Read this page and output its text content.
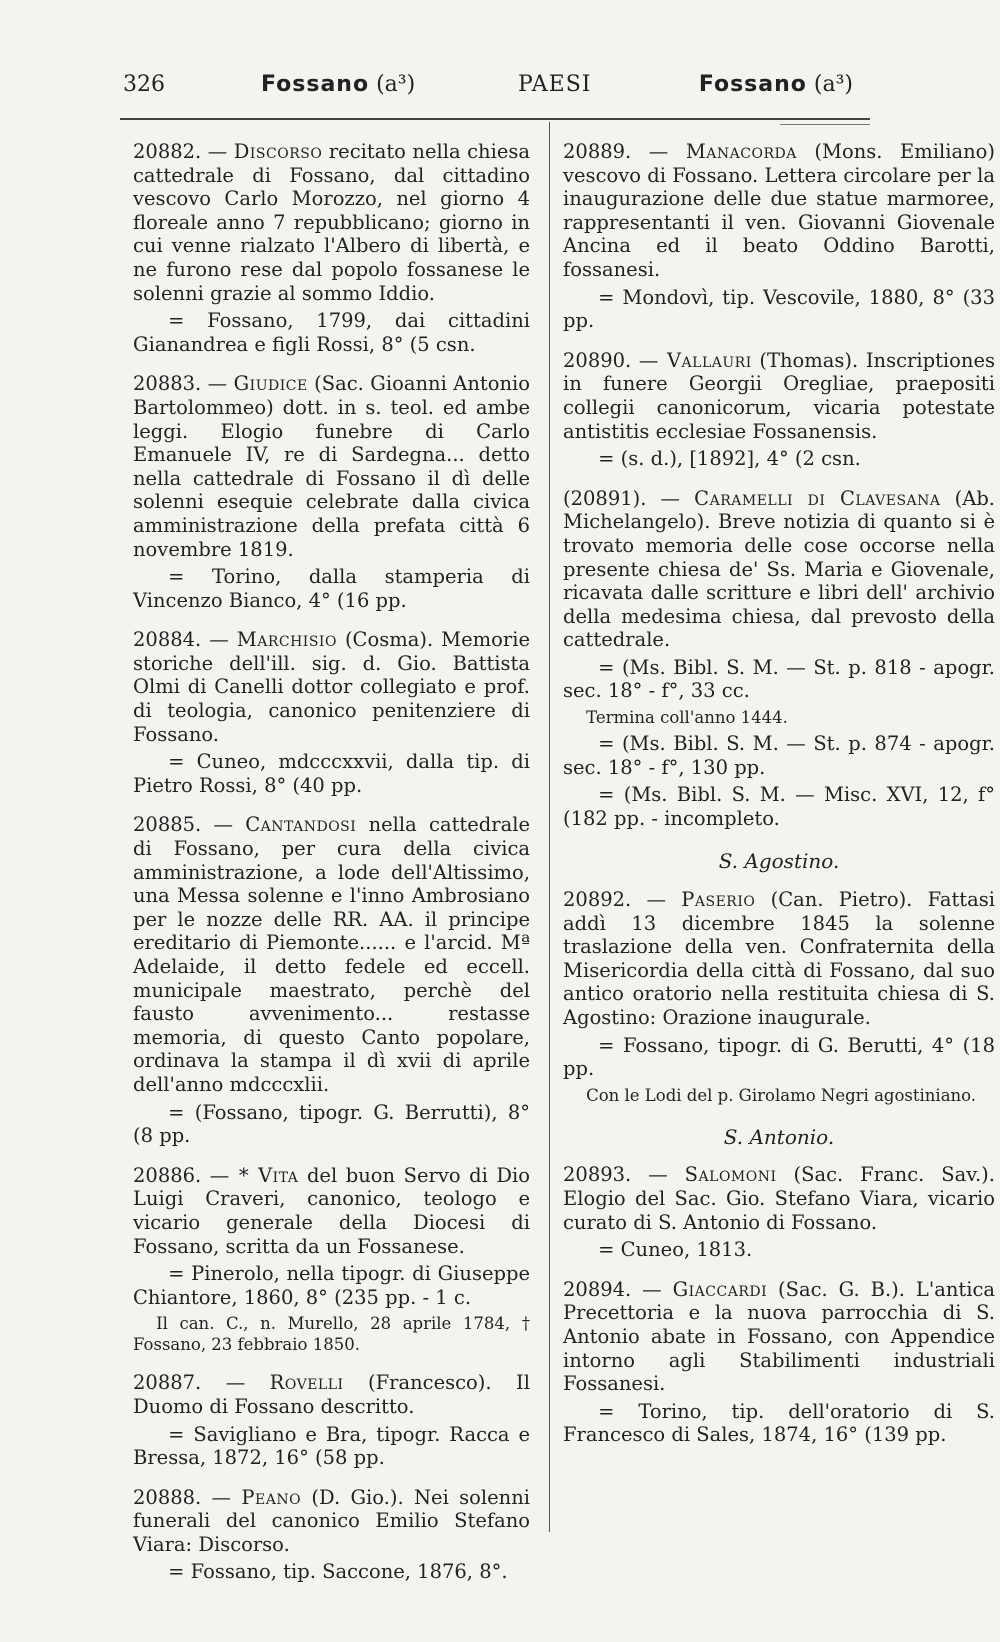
326	Fossano (a³)	PAESI	Fossano (a³)

20882. — Discorso recitato nella chiesa cattedrale di Fossano, dal cittadino vescovo Carlo Morozzo, nel giorno 4 floreale anno 7 repubblicano; giorno in cui venne rialzato l'Albero di libertà, e ne furono rese dal popolo fossanese le solenni grazie al sommo Iddio.

= Fossano, 1799, dai cittadini Gianandrea e figli Rossi, 8° (5 csn.

20883. — Giudice (Sac. Gioanni Antonio Bartolommeo) dott. in s. teol. ed ambe leggi. Elogio funebre di Carlo Emanuele IV, re di Sardegna... detto nella cattedrale di Fossano il dì delle solenni esequie celebrate dalla civica amministrazione della prefata città 6 novembre 1819.

= Torino, dalla stamperia di Vincenzo Bianco, 4° (16 pp.

20884. — Marchisio (Cosma). Memorie storiche dell'ill. sig. d. Gio. Battista Olmi di Canelli dottor collegiato e prof. di teologia, canonico penitenziere di Fossano.

= Cuneo, mdcccxxvii, dalla tip. di Pietro Rossi, 8° (40 pp.

20885. — Cantandosi nella cattedrale di Fossano, per cura della civica amministrazione, a lode dell'Altissimo, una Messa solenne e l'inno Ambrosiano per le nozze delle RR. AA. il principe ereditario di Piemonte...... e l'arcid. Mª Adelaide, il detto fedele ed eccell. municipale maestrato, perchè del fausto avvenimento... restasse memoria, di questo Canto popolare, ordinava la stampa il dì xvii di aprile dell'anno mdcccxlii.

= (Fossano, tipogr. G. Berrutti), 8° (8 pp.

20886. — * Vita del buon Servo di Dio Luigi Craveri, canonico, teologo e vicario generale della Diocesi di Fossano, scritta da un Fossanese.

= Pinerolo, nella tipogr. di Giuseppe Chiantore, 1860, 8° (235 pp. - 1 c.

Il can. C., n. Murello, 28 aprile 1784, † Fossano, 23 febbraio 1850.

20887. — Rovelli (Francesco). Il Duomo di Fossano descritto.

= Savigliano e Bra, tipogr. Racca e Bressa, 1872, 16° (58 pp.

20888. — Peano (D. Gio.). Nei solenni funerali del canonico Emilio Stefano Viara: Discorso.

= Fossano, tip. Saccone, 1876, 8°.

20889. — Manacorda (Mons. Emiliano) vescovo di Fossano. Lettera circolare per la inaugurazione delle due statue marmoree, rappresentanti il ven. Giovanni Giovenale Ancina ed il beato Oddino Barotti, fossanesi.

= Mondovì, tip. Vescovile, 1880, 8° (33 pp.

20890. — Vallauri (Thomas). Inscriptiones in funere Georgii Oregliae, praepositi collegii canonicorum, vicaria potestate antistitis ecclesiae Fossanensis.

= (s. d.), [1892], 4° (2 csn.

(20891). — Caramelli di Clavesana (Ab. Michelangelo). Breve notizia di quanto si è trovato memoria delle cose occorse nella presente chiesa de' Ss. Maria e Giovenale, ricavata dalle scritture e libri dell' archivio della medesima chiesa, dal prevosto della cattedrale.

= (Ms. Bibl. S. M. — St. p. 818 - apogr. sec. 18° - f°, 33 cc.

Termina coll'anno 1444.

= (Ms. Bibl. S. M. — St. p. 874 - apogr. sec. 18° - f°, 130 pp.

= (Ms. Bibl. S. M. — Misc. XVI, 12, f° (182 pp. - incompleto.

S. Agostino.

20892. — Paserio (Can. Pietro). Fattasi addì 13 dicembre 1845 la solenne traslazione della ven. Confraternita della Misericordia della città di Fossano, dal suo antico oratorio nella restituita chiesa di S. Agostino: Orazione inaugurale.

= Fossano, tipogr. di G. Berutti, 4° (18 pp.

Con le Lodi del p. Girolamo Negri agostiniano.

S. Antonio.

20893. — Salomoni (Sac. Franc. Sav.). Elogio del Sac. Gio. Stefano Viara, vicario curato di S. Antonio di Fossano.

= Cuneo, 1813.

20894. — Giaccardi (Sac. G. B.). L'antica Precettoria e la nuova parrocchia di S. Antonio abate in Fossano, con Appendice intorno agli Stabilimenti industriali Fossanesi.

= Torino, tip. dell'oratorio di S. Francesco di Sales, 1874, 16° (139 pp.
